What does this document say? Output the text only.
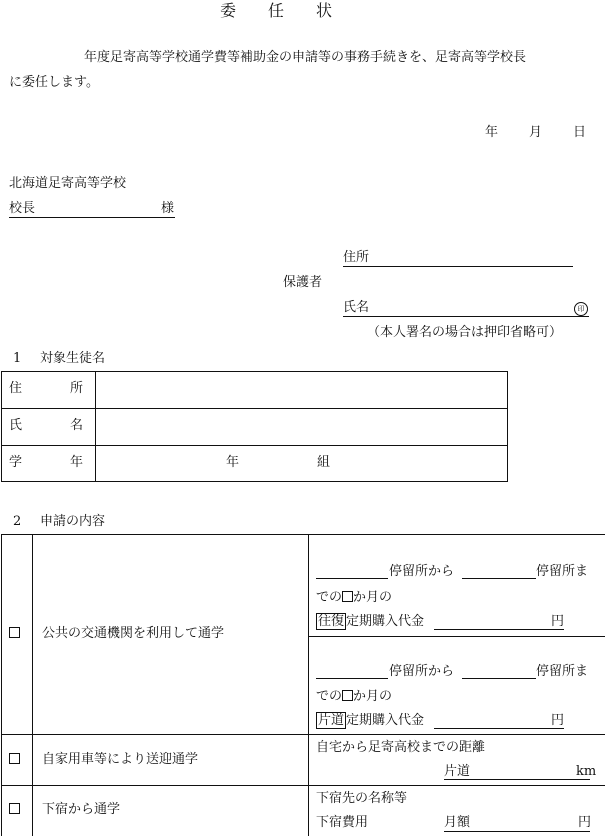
委任状
年度足寄高等学校通学費等補助金の申請等の事務手続きを、足寄高等学校長
に委任します。
年 月 日
北海道足寄高等学校
校長	様
住所
保護者
氏名	印
（本人署名の場合は押印省略可）
1 対象生徒名
住	所
氏	名
学	年	年	組
2 申請の内容
公共の交通機関を利用して通学
停留所から	停留所ま
での か月の
往復 定期購入代金	円
停留所から	停留所ま
での か月の
片道 定期購入代金	円
自家用車等により送迎通学
自宅から足寄高校までの距離
片道	km
下宿から通学
下宿先の名称等
下宿費用	月額	円
